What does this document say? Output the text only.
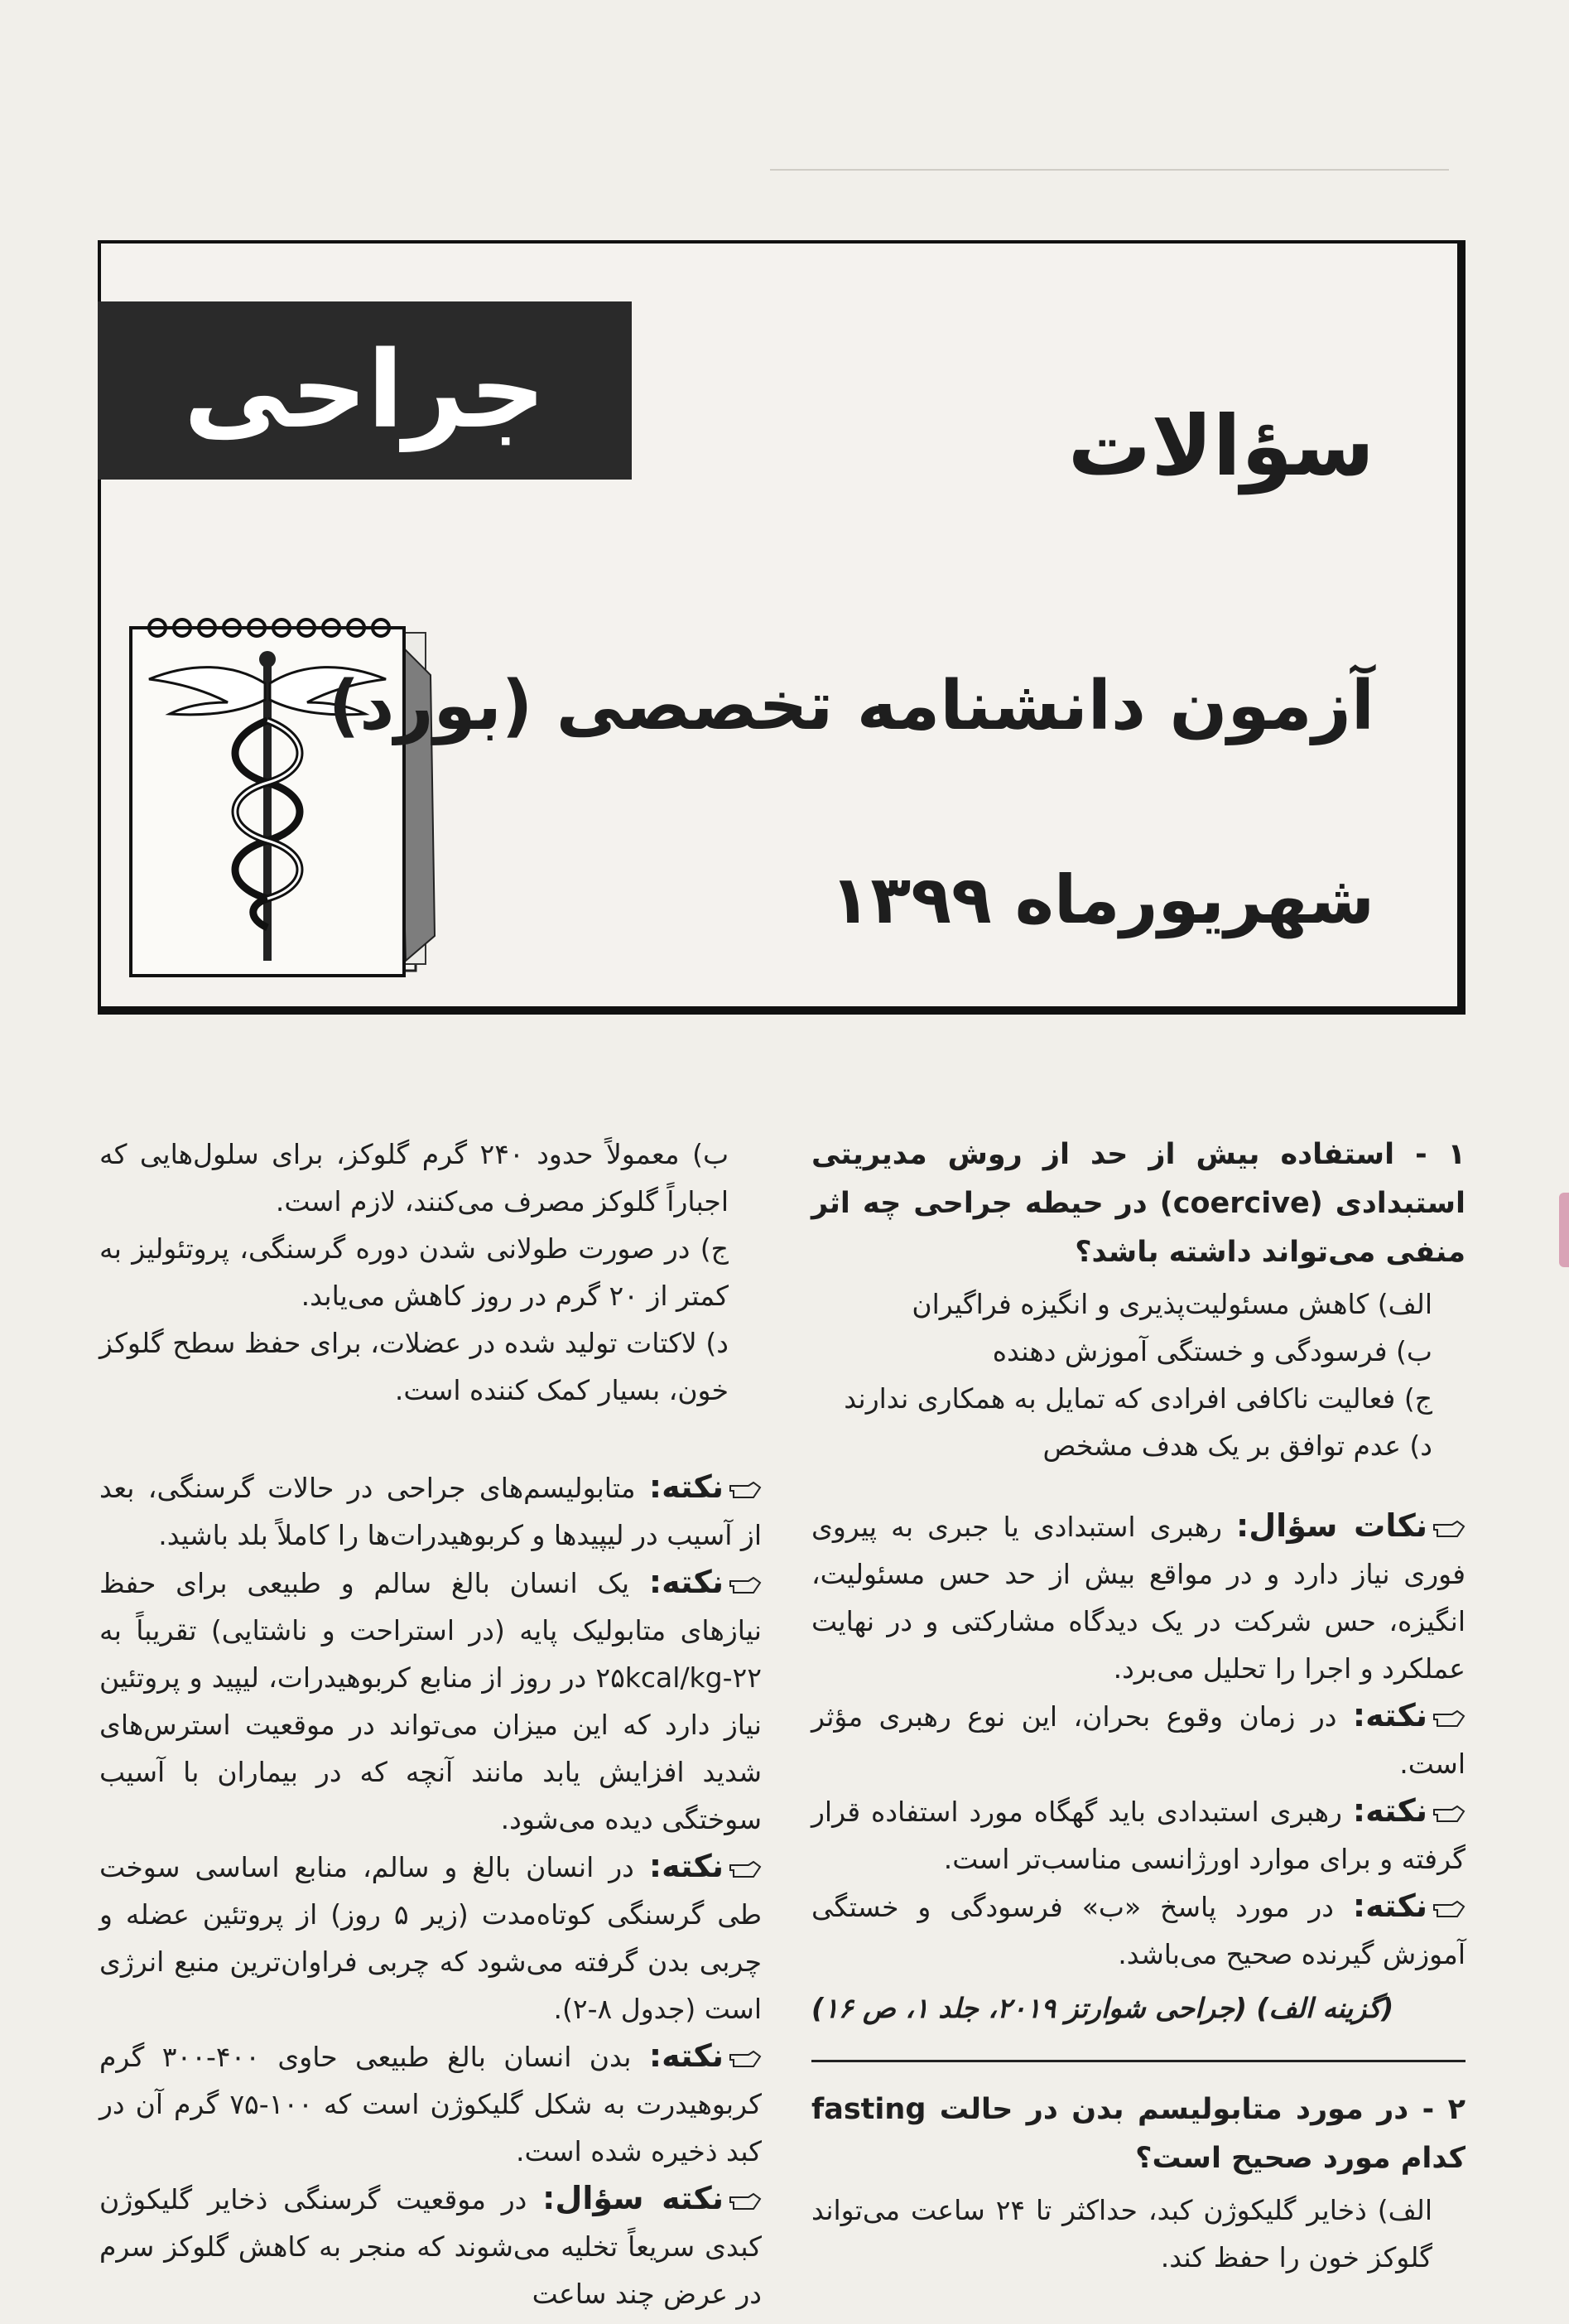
جراحی	سؤالات
آزمون دانشنامه تخصصی (بورد)
شهریورماه ۱۳۹۹

۱ - استفاده بیش از حد از روش مدیریتی استبدادی (coercive) در حیطه جراحی چه اثر منفی می‌تواند داشته باشد؟

الف) کاهش مسئولیت‌پذیری و انگیزه فراگیران

ب) فرسودگی و خستگی آموزش دهنده

ج) فعالیت ناکافی افرادی که تمایل به همکاری ندارند

د) عدم توافق بر یک هدف مشخص

نکات سؤال: رهبری استبدادی یا جبری به پیروی فوری نیاز دارد و در مواقع بیش از حد حس مسئولیت، انگیزه، حس شرکت در یک دیدگاه مشارکتی و در نهایت عملکرد و اجرا را تحلیل می‌برد.

نکته: در زمان وقوع بحران، این نوع رهبری مؤثر است.

نکته: رهبری استبدادی باید گهگاه مورد استفاده قرار گرفته و برای موارد اورژانسی مناسب‌تر است.

نکته: در مورد پاسخ «ب» فرسودگی و خستگی آموزش گیرنده صحیح می‌باشد.

(گزینه الف) (جراحی شوارتز ۲۰۱۹، جلد ۱، ص ۱۶)

۲ - در مورد متابولیسم بدن در حالت fasting کدام مورد صحیح است؟

الف) ذخایر گلیکوژن کبد، حداکثر تا ۲۴ ساعت می‌تواند گلوکز خون را حفظ کند.

ب) معمولاً حدود ۲۴۰ گرم گلوکز، برای سلول‌هایی که اجباراً گلوکز مصرف می‌کنند، لازم است.

ج) در صورت طولانی شدن دوره گرسنگی، پروتئولیز به کمتر از ۲۰ گرم در روز کاهش می‌یابد.

د) لاکتات تولید شده در عضلات، برای حفظ سطح گلوکز خون، بسیار کمک کننده است.

نکته: متابولیسم‌های جراحی در حالات گرسنگی، بعد از آسیب در لیپیدها و کربوهیدرات‌ها را کاملاً بلد باشید.

نکته: یک انسان بالغ سالم و طبیعی برای حفظ نیازهای متابولیک پایه (در استراحت و ناشتایی) تقریباً به ۲۲-۲۵kcal/kg در روز از منابع کربوهیدرات، لیپید و پروتئین نیاز دارد که این میزان می‌تواند در موقعیت استرس‌های شدید افزایش یابد مانند آنچه که در بیماران با آسیب سوختگی دیده می‌شود.

نکته: در انسان بالغ و سالم، منابع اساسی سوخت طی گرسنگی کوتاه‌مدت (زیر ۵ روز) از پروتئین عضله و چربی بدن گرفته می‌شود که چربی فراوان‌ترین منبع انرژی است (جدول ۸-۲).

نکته: بدن انسان بالغ طبیعی حاوی ۴۰۰-۳۰۰ گرم کربوهیدرت به شکل گلیکوژن است که ۱۰۰-۷۵ گرم آن در کبد ذخیره شده است.

نکته سؤال: در موقعیت گرسنگی ذخایر گلیکوژن کبدی سریعاً تخلیه می‌شوند که منجر به کاهش گلوکز سرم در عرض چند ساعت
